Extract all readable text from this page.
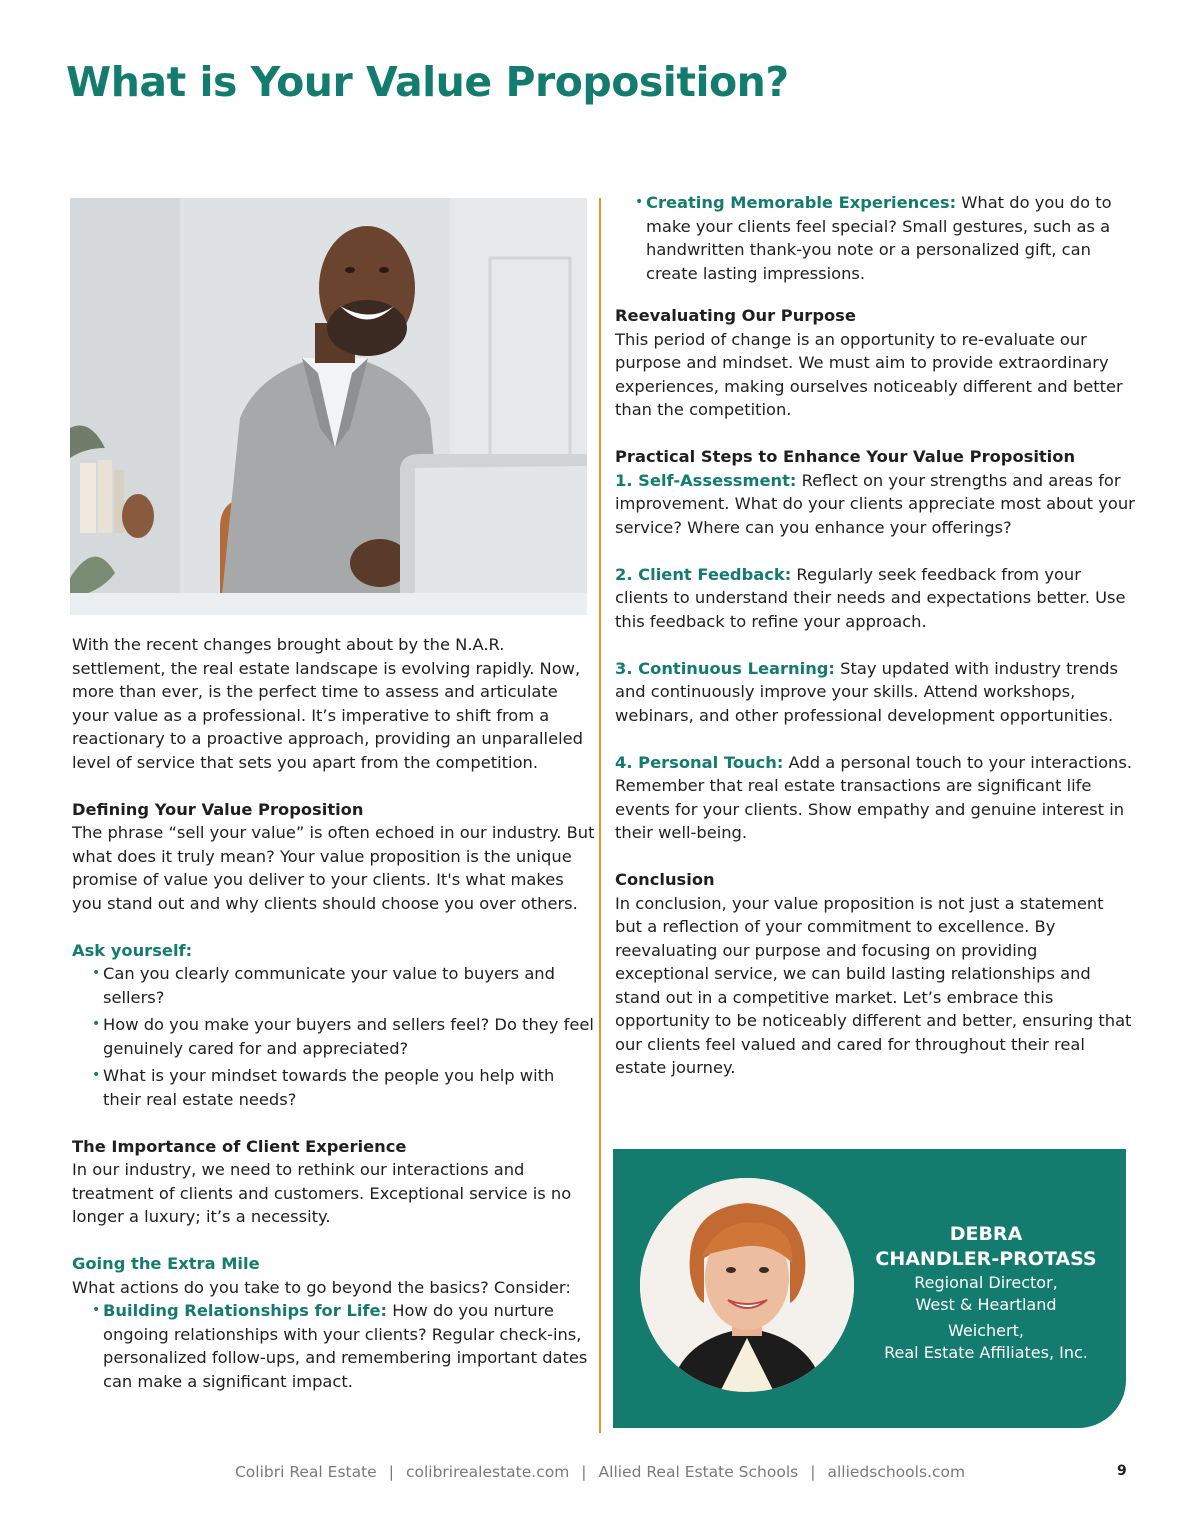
What is Your Value Proposition?

With the recent changes brought about by the N.A.R. settlement, the real estate landscape is evolving rapidly. Now, more than ever, is the perfect time to assess and articulate your value as a professional. It’s imperative to shift from a reactionary to a proactive approach, providing an unparalleled level of service that sets you apart from the competition.

Defining Your Value Proposition

The phrase “sell your value” is often echoed in our industry. But what does it truly mean? Your value proposition is the unique promise of value you deliver to your clients. It's what makes you stand out and why clients should choose you over others.

Ask yourself:

• Can you clearly communicate your value to buyers and sellers?
• How do you make your buyers and sellers feel? Do they feel genuinely cared for and appreciated?
• What is your mindset towards the people you help with their real estate needs?
The Importance of Client Experience

In our industry, we need to rethink our interactions and treatment of clients and customers. Exceptional service is no longer a luxury; it’s a necessity.

Going the Extra Mile

What actions do you take to go beyond the basics? Consider:

• Building Relationships for Life: How do you nurture ongoing relationships with your clients? Regular check-ins, personalized follow-ups, and remembering important dates can make a significant impact.
• Creating Memorable Experiences: What do you do to make your clients feel special? Small gestures, such as a handwritten thank-you note or a personalized gift, can create lasting impressions.
Reevaluating Our Purpose

This period of change is an opportunity to re-evaluate our purpose and mindset. We must aim to provide extraordinary experiences, making ourselves noticeably different and better than the competition.

Practical Steps to Enhance Your Value Proposition

1. Self-Assessment: Reflect on your strengths and areas for improvement. What do your clients appreciate most about your service? Where can you enhance your offerings?

2. Client Feedback: Regularly seek feedback from your clients to understand their needs and expectations better. Use this feedback to refine your approach.

3. Continuous Learning: Stay updated with industry trends and continuously improve your skills. Attend workshops, webinars, and other professional development opportunities.

4. Personal Touch: Add a personal touch to your interactions. Remember that real estate transactions are significant life events for your clients. Show empathy and genuine interest in their well-being.

Conclusion

In conclusion, your value proposition is not just a statement but a reflection of your commitment to excellence. By reevaluating our purpose and focusing on providing exceptional service, we can build lasting relationships and stand out in a competitive market. Let’s embrace this opportunity to be noticeably different and better, ensuring that our clients feel valued and cared for throughout their real estate journey.

DEBRA

CHANDLER-PROTASS

Regional Director,

West & Heartland

Weichert,

Real Estate Affiliates, Inc.

Colibri Real Estate | colibrirealestate.com | Allied Real Estate Schools | alliedschools.com	9
